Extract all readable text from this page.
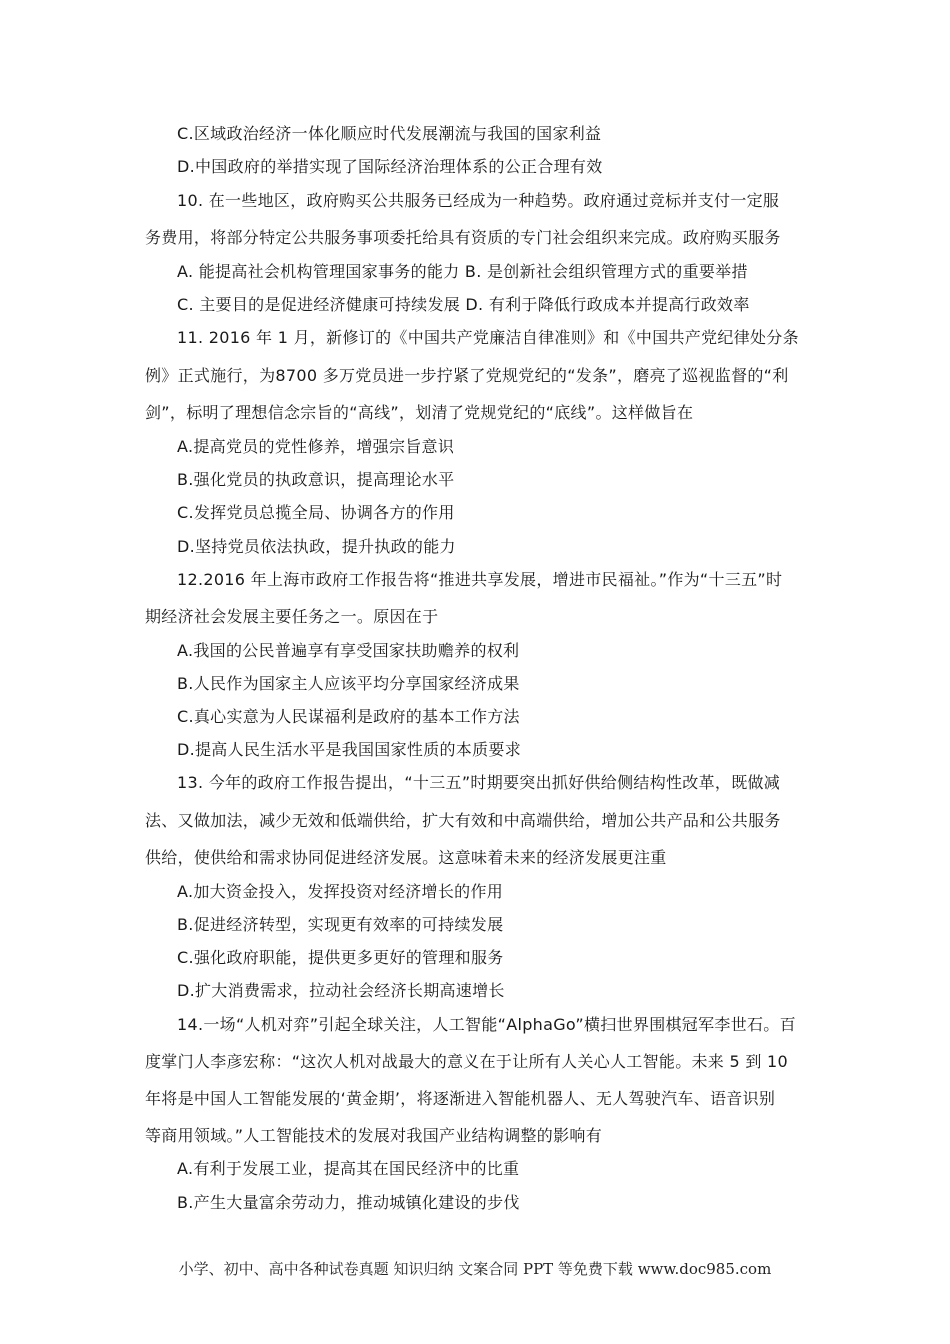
C.区域政治经济一体化顺应时代发展潮流与我国的国家利益
D.中国政府的举措实现了国际经济治理体系的公正合理有效
10. 在一些地区，政府购买公共服务已经成为一种趋势。政府通过竞标并支付一定服
务费用，将部分特定公共服务事项委托给具有资质的专门社会组织来完成。政府购买服务
A. 能提高社会机构管理国家事务的能力 B. 是创新社会组织管理方式的重要举措
C. 主要目的是促进经济健康可持续发展 D. 有利于降低行政成本并提高行政效率
11. 2016 年 1 月，新修订的《中国共产党廉洁自律准则》和《中国共产党纪律处分条
例》正式施行，为8700 多万党员进一步拧紧了党规党纪的“发条”，磨亮了巡视监督的“利
剑”，标明了理想信念宗旨的“高线”，划清了党规党纪的“底线”。这样做旨在
A.提高党员的党性修养，增强宗旨意识
B.强化党员的执政意识，提高理论水平
C.发挥党员总揽全局、协调各方的作用
D.坚持党员依法执政，提升执政的能力
12.2016 年上海市政府工作报告将“推进共享发展，增进市民福祉。”作为“十三五”时
期经济社会发展主要任务之一。原因在于
A.我国的公民普遍享有享受国家扶助赡养的权利
B.人民作为国家主人应该平均分享国家经济成果
C.真心实意为人民谋福利是政府的基本工作方法
D.提高人民生活水平是我国国家性质的本质要求
13. 今年的政府工作报告提出，“十三五”时期要突出抓好供给侧结构性改革，既做减
法、又做加法，减少无效和低端供给，扩大有效和中高端供给，增加公共产品和公共服务
供给，使供给和需求协同促进经济发展。这意味着未来的经济发展更注重
A.加大资金投入，发挥投资对经济增长的作用
B.促进经济转型，实现更有效率的可持续发展
C.强化政府职能，提供更多更好的管理和服务
D.扩大消费需求，拉动社会经济长期高速增长
14.一场“人机对弈”引起全球关注，人工智能“AlphaGo”横扫世界围棋冠军李世石。百
度掌门人李彦宏称：“这次人机对战最大的意义在于让所有人关心人工智能。未来 5 到 10
年将是中国人工智能发展的‘黄金期’，将逐渐进入智能机器人、无人驾驶汽车、语音识别
等商用领域。”人工智能技术的发展对我国产业结构调整的影响有
A.有利于发展工业，提高其在国民经济中的比重
B.产生大量富余劳动力，推动城镇化建设的步伐
小学、初中、高中各种试卷真题 知识归纳 文案合同 PPT 等免费下载 www.doc985.com
